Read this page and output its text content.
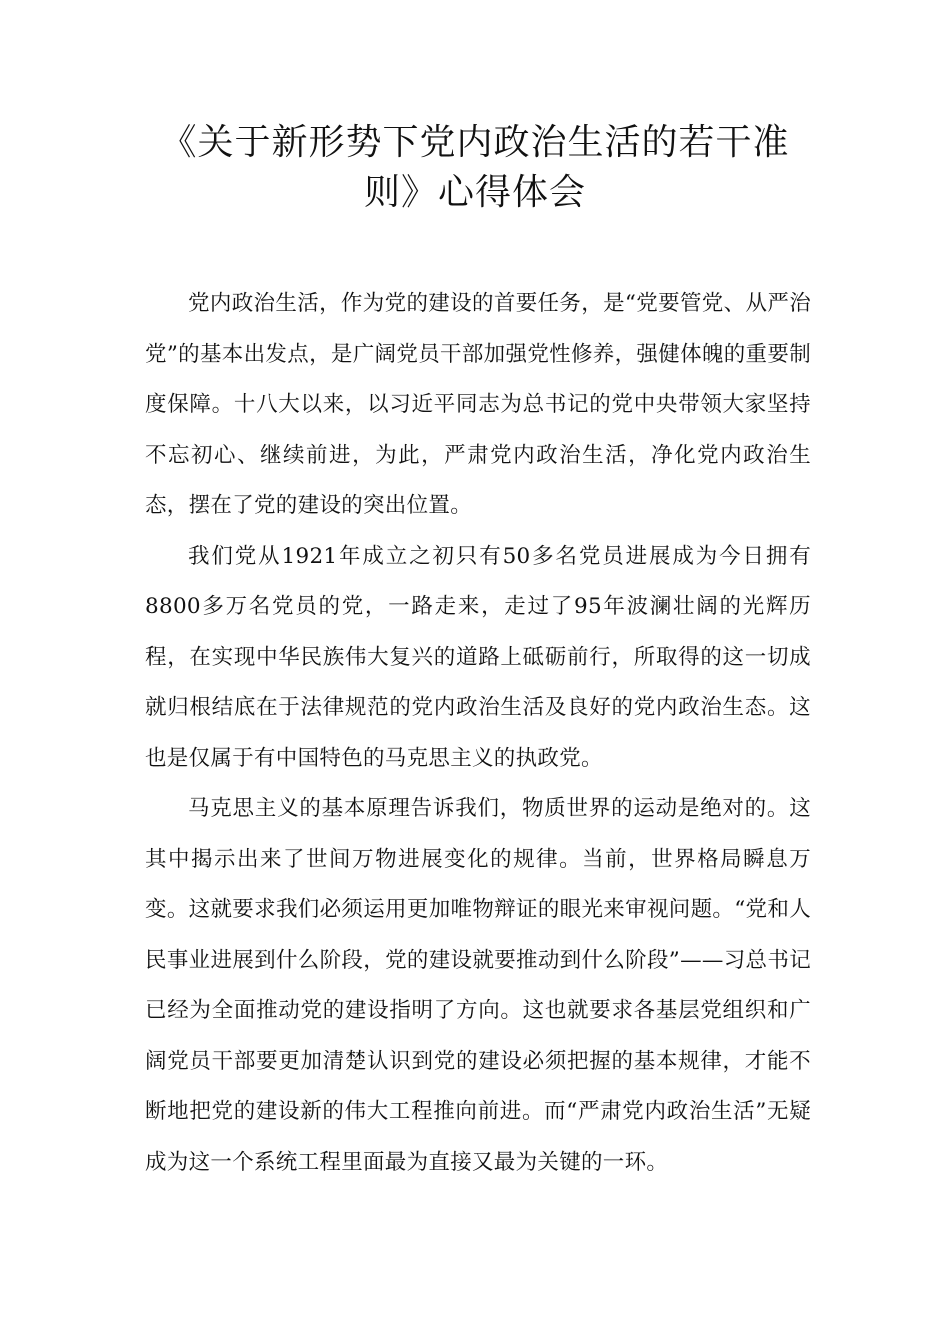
《关于新形势下党内政治生活的若干准
则》心得体会

党内政治生活，作为党的建设的首要任务，是“党要管党、从严治党”的基本出发点，是广阔党员干部加强党性修养，强健体魄的重要制度保障。十八大以来，以习近平同志为总书记的党中央带领大家坚持不忘初心、继续前进，为此，严肃党内政治生活，净化党内政治生态，摆在了党的建设的突出位置。

我们党从1921年成立之初只有50多名党员进展成为今日拥有8800多万名党员的党，一路走来，走过了95年波澜壮阔的光辉历程，在实现中华民族伟大复兴的道路上砥砺前行，所取得的这一切成就归根结底在于法律规范的党内政治生活及良好的党内政治生态。这也是仅属于有中国特色的马克思主义的执政党。

马克思主义的基本原理告诉我们，物质世界的运动是绝对的。这其中揭示出来了世间万物进展变化的规律。当前，世界格局瞬息万变。这就要求我们必须运用更加唯物辩证的眼光来审视问题。“党和人民事业进展到什么阶段，党的建设就要推动到什么阶段”——习总书记已经为全面推动党的建设指明了方向。这也就要求各基层党组织和广阔党员干部要更加清楚认识到党的建设必须把握的基本规律，才能不断地把党的建设新的伟大工程推向前进。而“严肃党内政治生活”无疑成为这一个系统工程里面最为直接又最为关键的一环。
